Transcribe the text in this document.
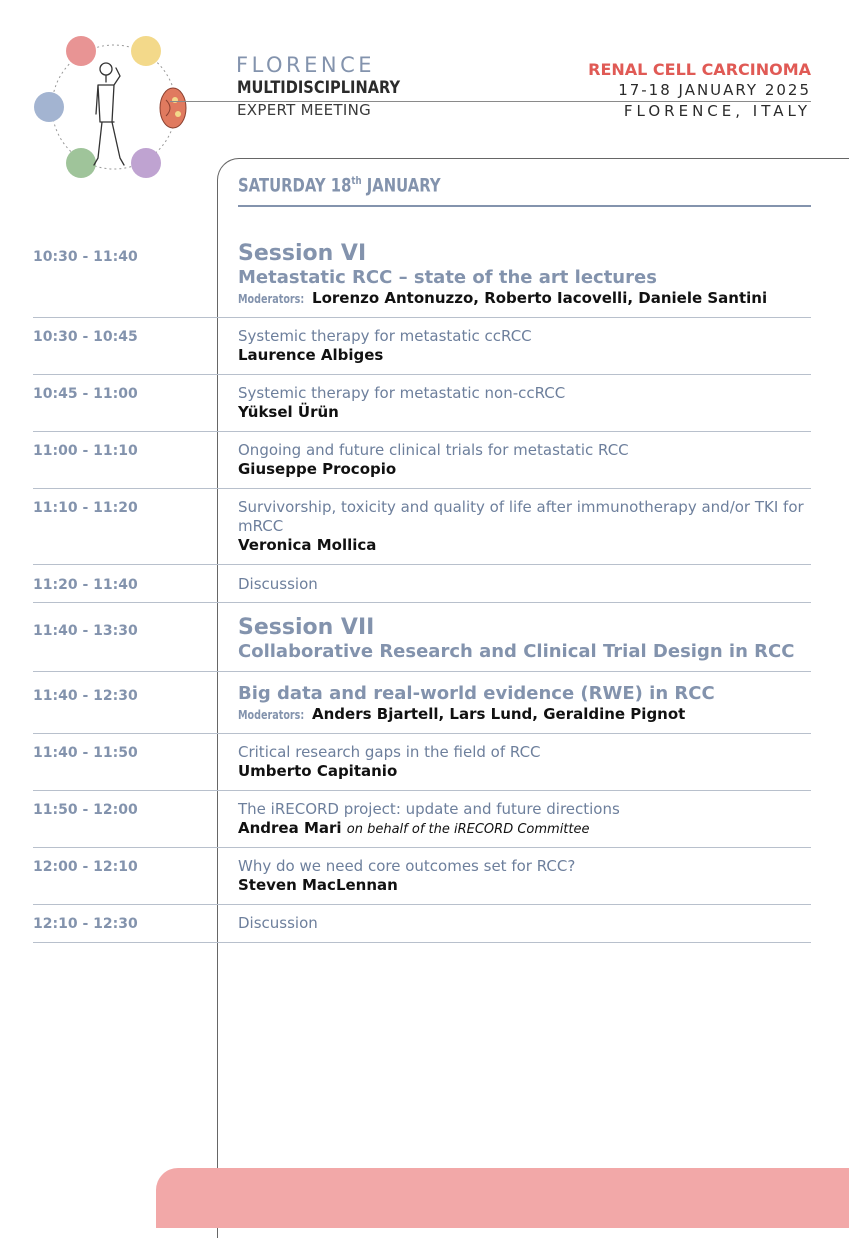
FLORENCE
MULTIDISCIPLINARY
EXPERT MEETING
RENAL CELL CARCINOMA
17-18 JANUARY 2025
FLORENCE, ITALY
SATURDAY 18th JANUARY
10:30 - 11:40	Session VI
Metastatic RCC – state of the art lectures
Moderators: Lorenzo Antonuzzo, Roberto Iacovelli, Daniele Santini
10:30 - 10:45	Systemic therapy for metastatic ccRCC
Laurence Albiges
10:45 - 11:00	Systemic therapy for metastatic non-ccRCC
Yüksel Ürün
11:00 - 11:10	Ongoing and future clinical trials for metastatic RCC
Giuseppe Procopio
11:10 - 11:20	Survivorship, toxicity and quality of life after immunotherapy and/or TKI for mRCC
Veronica Mollica
11:20 - 11:40	Discussion
11:40 - 13:30	Session VII
Collaborative Research and Clinical Trial Design in RCC
11:40 - 12:30	Big data and real-world evidence (RWE) in RCC
Moderators: Anders Bjartell, Lars Lund, Geraldine Pignot
11:40 - 11:50	Critical research gaps in the field of RCC
Umberto Capitanio
11:50 - 12:00	The iRECORD project: update and future directions
Andrea Mari on behalf of the iRECORD Committee
12:00 - 12:10	Why do we need core outcomes set for RCC?
Steven MacLennan
12:10 - 12:30	Discussion
